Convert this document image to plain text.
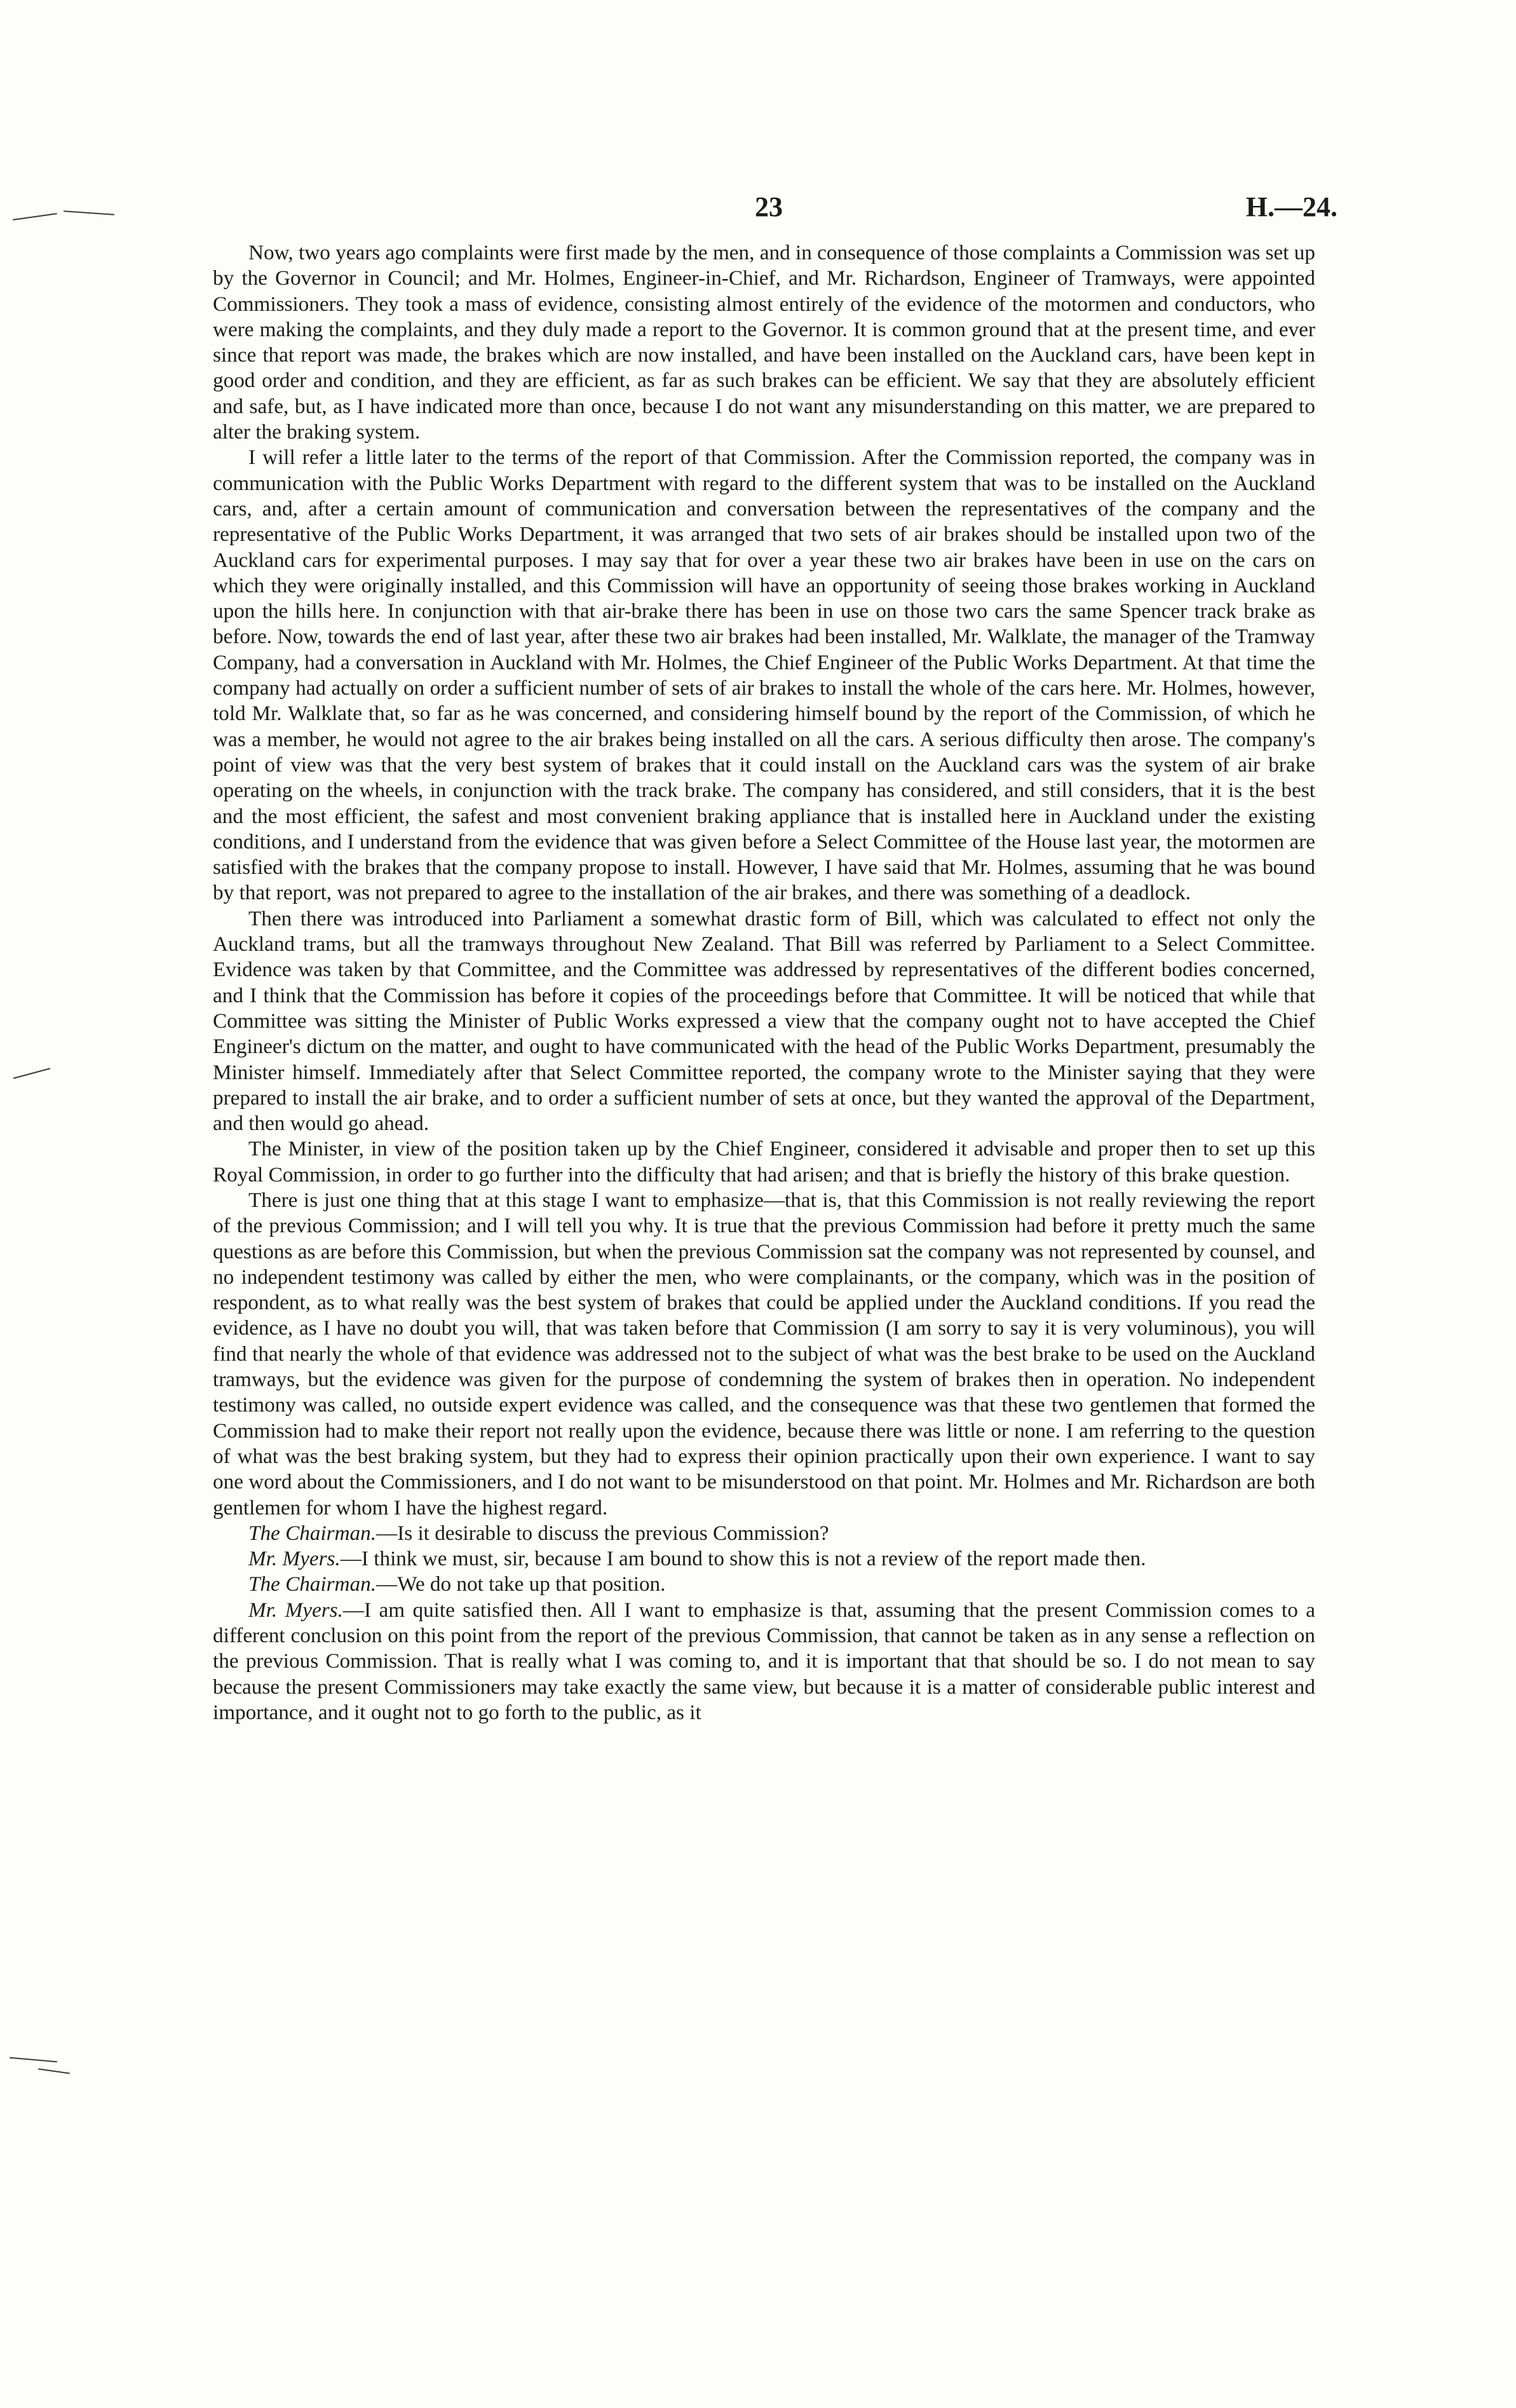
23	H.—24.

Now, two years ago complaints were first made by the men, and in consequence of those complaints a Commission was set up by the Governor in Council; and Mr. Holmes, Engineer-in-Chief, and Mr. Richardson, Engineer of Tramways, were appointed Commissioners. They took a mass of evidence, consisting almost entirely of the evidence of the motormen and conductors, who were making the complaints, and they duly made a report to the Governor. It is common ground that at the present time, and ever since that report was made, the brakes which are now installed, and have been installed on the Auckland cars, have been kept in good order and condition, and they are efficient, as far as such brakes can be efficient. We say that they are absolutely efficient and safe, but, as I have indicated more than once, because I do not want any misunderstanding on this matter, we are prepared to alter the braking system.

I will refer a little later to the terms of the report of that Commission. After the Commission reported, the company was in communication with the Public Works Department with regard to the different system that was to be installed on the Auckland cars, and, after a certain amount of communication and conversation between the representatives of the company and the representative of the Public Works Department, it was arranged that two sets of air brakes should be installed upon two of the Auckland cars for experimental purposes. I may say that for over a year these two air brakes have been in use on the cars on which they were originally installed, and this Commission will have an opportunity of seeing those brakes working in Auckland upon the hills here. In conjunction with that air-brake there has been in use on those two cars the same Spencer track brake as before. Now, towards the end of last year, after these two air brakes had been installed, Mr. Walklate, the manager of the Tramway Company, had a conversation in Auckland with Mr. Holmes, the Chief Engineer of the Public Works Department. At that time the company had actually on order a sufficient number of sets of air brakes to install the whole of the cars here. Mr. Holmes, however, told Mr. Walklate that, so far as he was concerned, and considering himself bound by the report of the Commission, of which he was a member, he would not agree to the air brakes being installed on all the cars. A serious difficulty then arose. The company's point of view was that the very best system of brakes that it could install on the Auckland cars was the system of air brake operating on the wheels, in conjunction with the track brake. The company has considered, and still considers, that it is the best and the most efficient, the safest and most convenient braking appliance that is installed here in Auckland under the existing conditions, and I understand from the evidence that was given before a Select Committee of the House last year, the motormen are satisfied with the brakes that the company propose to install. However, I have said that Mr. Holmes, assuming that he was bound by that report, was not prepared to agree to the installation of the air brakes, and there was something of a deadlock.

Then there was introduced into Parliament a somewhat drastic form of Bill, which was calculated to effect not only the Auckland trams, but all the tramways throughout New Zealand. That Bill was referred by Parliament to a Select Committee. Evidence was taken by that Committee, and the Committee was addressed by representatives of the different bodies concerned, and I think that the Commission has before it copies of the proceedings before that Committee. It will be noticed that while that Committee was sitting the Minister of Public Works expressed a view that the company ought not to have accepted the Chief Engineer's dictum on the matter, and ought to have communicated with the head of the Public Works Department, presumably the Minister himself. Immediately after that Select Committee reported, the company wrote to the Minister saying that they were prepared to install the air brake, and to order a sufficient number of sets at once, but they wanted the approval of the Department, and then would go ahead.

The Minister, in view of the position taken up by the Chief Engineer, considered it advisable and proper then to set up this Royal Commission, in order to go further into the difficulty that had arisen; and that is briefly the history of this brake question.

There is just one thing that at this stage I want to emphasize—that is, that this Commission is not really reviewing the report of the previous Commission; and I will tell you why. It is true that the previous Commission had before it pretty much the same questions as are before this Commission, but when the previous Commission sat the company was not represented by counsel, and no independent testimony was called by either the men, who were complainants, or the company, which was in the position of respondent, as to what really was the best system of brakes that could be applied under the Auckland conditions. If you read the evidence, as I have no doubt you will, that was taken before that Commission (I am sorry to say it is very voluminous), you will find that nearly the whole of that evidence was addressed not to the subject of what was the best brake to be used on the Auckland tramways, but the evidence was given for the purpose of condemning the system of brakes then in operation. No independent testimony was called, no outside expert evidence was called, and the consequence was that these two gentlemen that formed the Commission had to make their report not really upon the evidence, because there was little or none. I am referring to the question of what was the best braking system, but they had to express their opinion practically upon their own experience. I want to say one word about the Commissioners, and I do not want to be misunderstood on that point. Mr. Holmes and Mr. Richardson are both gentlemen for whom I have the highest regard.

The Chairman.—Is it desirable to discuss the previous Commission?

Mr. Myers.—I think we must, sir, because I am bound to show this is not a review of the report made then.

The Chairman.—We do not take up that position.

Mr. Myers.—I am quite satisfied then. All I want to emphasize is that, assuming that the present Commission comes to a different conclusion on this point from the report of the previous Commission, that cannot be taken as in any sense a reflection on the previous Commission. That is really what I was coming to, and it is important that that should be so. I do not mean to say because the present Commissioners may take exactly the same view, but because it is a matter of considerable public interest and importance, and it ought not to go forth to the public, as it
